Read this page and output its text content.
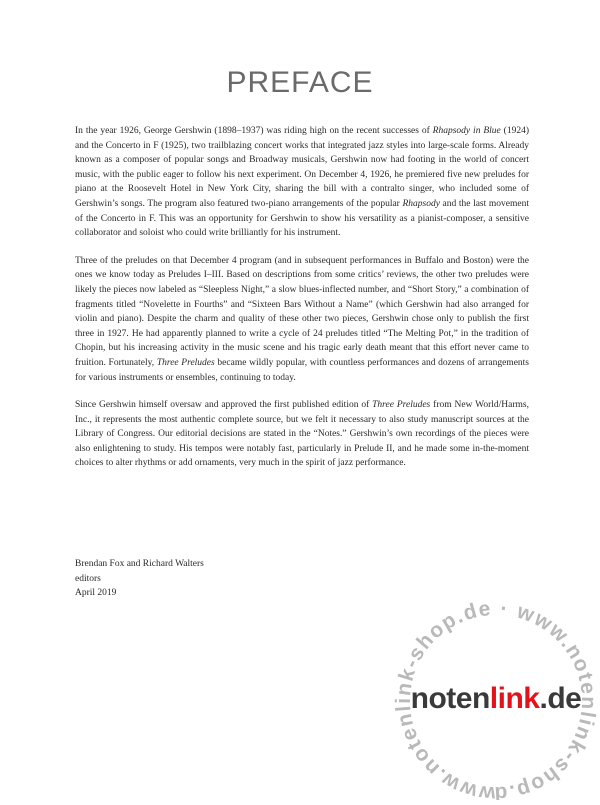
PREFACE

In the year 1926, George Gershwin (1898–1937) was riding high on the recent successes of Rhapsody in Blue (1924) and the Concerto in F (1925), two trailblazing concert works that integrated jazz styles into large-scale forms. Already known as a composer of popular songs and Broadway musicals, Gershwin now had footing in the world of concert music, with the public eager to follow his next experiment. On December 4, 1926, he premiered five new preludes for piano at the Roosevelt Hotel in New York City, sharing the bill with a contralto singer, who included some of Gershwin’s songs. The program also featured two-piano arrangements of the popular Rhapsody and the last movement of the Concerto in F. This was an opportunity for Gershwin to show his versatility as a pianist-composer, a sensitive collaborator and soloist who could write brilliantly for his instrument.

Three of the preludes on that December 4 program (and in subsequent performances in Buffalo and Boston) were the ones we know today as Preludes I–III. Based on descriptions from some critics’ reviews, the other two preludes were likely the pieces now labeled as “Sleepless Night,” a slow blues-inflected number, and “Short Story,” a combination of fragments titled “Novelette in Fourths” and “Sixteen Bars Without a Name” (which Gershwin had also arranged for violin and piano). Despite the charm and quality of these other two pieces, Gershwin chose only to publish the first three in 1927. He had apparently planned to write a cycle of 24 preludes titled “The Melting Pot,” in the tradition of Chopin, but his increasing activity in the music scene and his tragic early death meant that this effort never came to fruition. Fortunately, Three Preludes became wildly popular, with countless performances and dozens of arrangements for various instruments or ensembles, continuing to today.

Since Gershwin himself oversaw and approved the first published edition of Three Preludes from New World/Harms, Inc., it represents the most authentic complete source, but we felt it necessary to also study manuscript sources at the Library of Congress. Our editorial decisions are stated in the “Notes.” Gershwin’s own recordings of the pieces were also enlightening to study. His tempos were notably fast, particularly in Prelude II, and he made some in-the-moment choices to alter rhythms or add ornaments, very much in the spirit of jazz performance.

Brendan Fox and Richard Walters
editors
April 2019
www.notenlink-shop.de · www.notenlink-shop.d
notenlink.de
